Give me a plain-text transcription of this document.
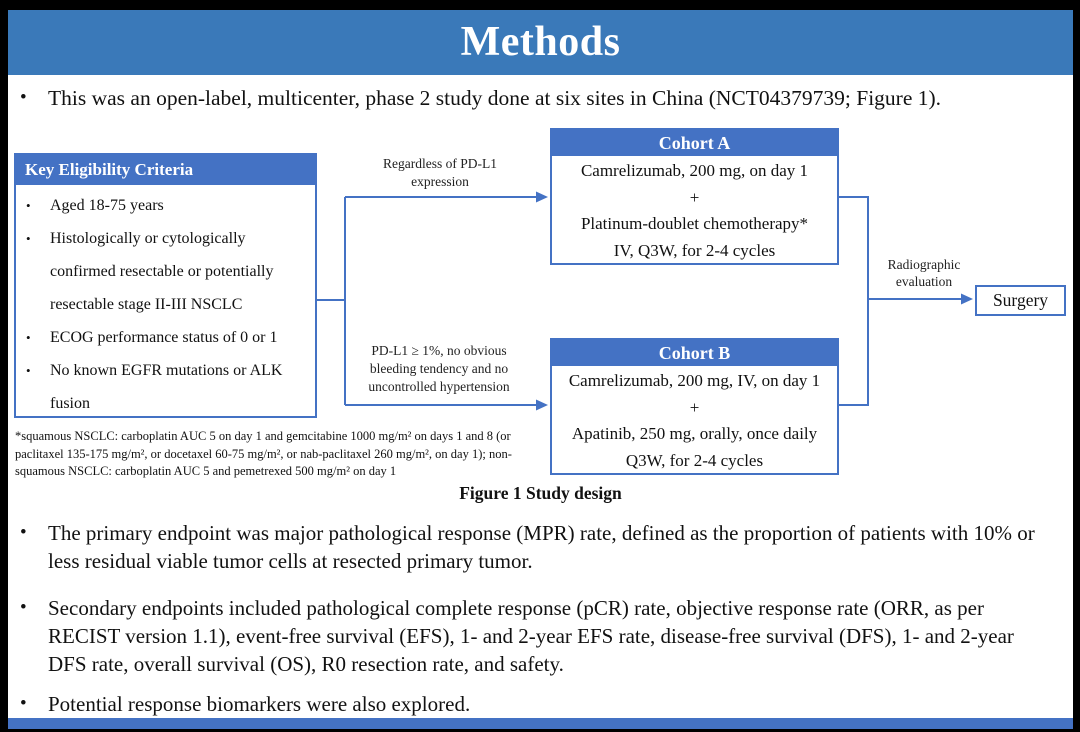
Methods
• This was an open-label, multicenter, phase 2 study done at six sites in China (NCT04379739; Figure 1).
Key Eligibility Criteria
•	Aged 18-75 years
•	Histologically or cytologically confirmed resectable or potentially resectable stage II-III NSCLC
•	ECOG performance status of 0 or 1
•	No known EGFR mutations or ALK fusion
Regardless of PD-L1 expression
PD-L1 ≥ 1%, no obvious bleeding tendency and no uncontrolled hypertension
Cohort A
Camrelizumab, 200 mg, on day 1
+
Platinum-doublet chemotherapy*
IV, Q3W, for 2-4 cycles
Cohort B
Camrelizumab, 200 mg, IV, on day 1
+
Apatinib, 250 mg, orally, once daily
Q3W, for 2-4 cycles
Radiographic evaluation
Surgery
*squamous NSCLC: carboplatin AUC 5 on day 1 and gemcitabine 1000 mg/m² on days 1 and 8 (or paclitaxel 135-175 mg/m², or docetaxel 60-75 mg/m², or nab-paclitaxel 260 mg/m², on day 1); non-squamous NSCLC: carboplatin AUC 5 and pemetrexed 500 mg/m² on day 1
Figure 1 Study design
•	The primary endpoint was major pathological response (MPR) rate, defined as the proportion of patients with 10% or less residual viable tumor cells at resected primary tumor.
•	Secondary endpoints included pathological complete response (pCR) rate, objective response rate (ORR, as per RECIST version 1.1), event-free survival (EFS), 1- and 2-year EFS rate, disease-free survival (DFS), 1- and 2-year DFS rate, overall survival (OS), R0 resection rate, and safety.
•	Potential response biomarkers were also explored.
